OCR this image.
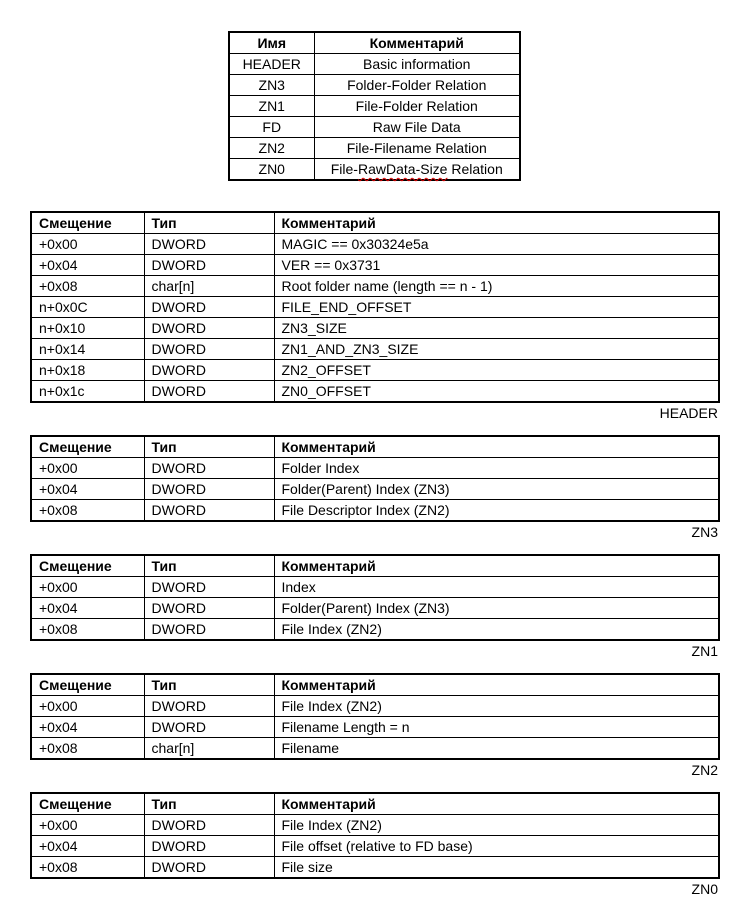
Имя	Комментарий
HEADER	Basic information
ZN3	Folder-Folder Relation
ZN1	File-Folder Relation
FD	Raw File Data
ZN2	File-Filename Relation
ZN0	File-RawData-Size Relation
Смещение	Тип	Комментарий
+0x00	DWORD	MAGIC == 0x30324e5a
+0x04	DWORD	VER == 0x3731
+0x08	char[n]	Root folder name (length == n - 1)
n+0x0C	DWORD	FILE_END_OFFSET
n+0x10	DWORD	ZN3_SIZE
n+0x14	DWORD	ZN1_AND_ZN3_SIZE
n+0x18	DWORD	ZN2_OFFSET
n+0x1c	DWORD	ZN0_OFFSET
HEADER
Смещение	Тип	Комментарий
+0x00	DWORD	Folder Index
+0x04	DWORD	Folder(Parent) Index (ZN3)
+0x08	DWORD	File Descriptor Index (ZN2)
ZN3
Смещение	Тип	Комментарий
+0x00	DWORD	Index
+0x04	DWORD	Folder(Parent) Index (ZN3)
+0x08	DWORD	File Index (ZN2)
ZN1
Смещение	Тип	Комментарий
+0x00	DWORD	File Index (ZN2)
+0x04	DWORD	Filename Length = n
+0x08	char[n]	Filename
ZN2
Смещение	Тип	Комментарий
+0x00	DWORD	File Index (ZN2)
+0x04	DWORD	File offset (relative to FD base)
+0x08	DWORD	File size
ZN0
